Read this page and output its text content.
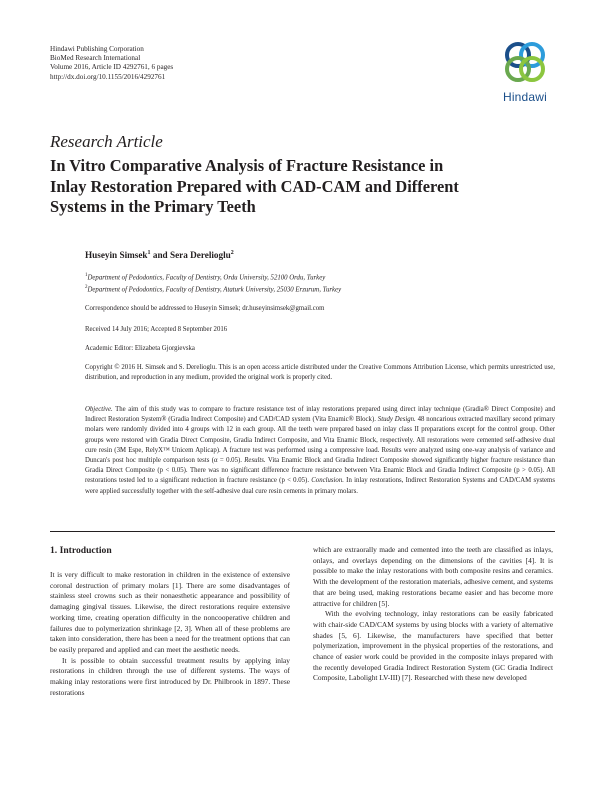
Hindawi Publishing Corporation
BioMed Research International
Volume 2016, Article ID 4292761, 6 pages
http://dx.doi.org/10.1155/2016/4292761
Hindawi
Research Article
In Vitro Comparative Analysis of Fracture Resistance in
Inlay Restoration Prepared with CAD-CAM and Different
Systems in the Primary Teeth
Huseyin Simsek$^1$ and Sera Derelioglu$^2$
$^1$Department of Pedodontics, Faculty of Dentistry, Ordu University, 52100 Ordu, Turkey
$^2$Department of Pedodontics, Faculty of Dentistry, Ataturk University, 25030 Erzurum, Turkey
Correspondence should be addressed to Huseyin Simsek; dr.huseyinsimsek@gmail.com
Received 14 July 2016; Accepted 8 September 2016
Academic Editor: Elizabeta Gjorgievska
Copyright © 2016 H. Simsek and S. Derelioglu. This is an open access article distributed under the Creative Commons Attribution License, which permits unrestricted use, distribution, and reproduction in any medium, provided the original work is properly cited.
Objective. The aim of this study was to compare to fracture resistance test of inlay restorations prepared using direct inlay technique (Gradia® Direct Composite) and Indirect Restoration System® (Gradia Indirect Composite) and CAD/CAD system (Vita Enamic® Block). Study Design. 48 noncarious extracted maxillary second primary molars were randomly divided into 4 groups with 12 in each group. All the teeth were prepared based on inlay class II preparations except for the control group. Other groups were restored with Gradia Direct Composite, Gradia Indirect Composite, and Vita Enamic Block, respectively. All restorations were cemented self-adhesive dual cure resin (3M Espe, RelyX™ Unicem Aplicap). A fracture test was performed using a compressive load. Results were analyzed using one-way analysis of variance and Duncan's post hoc multiple comparison tests (α = 0.05). Results. Vita Enamic Block and Gradia Indirect Composite showed significantly higher fracture resistance than Gradia Direct Composite (p < 0.05). There was no significant difference fracture resistance between Vita Enamic Block and Gradia Indirect Composite (p > 0.05). All restorations tested led to a significant reduction in fracture resistance (p < 0.05). Conclusion. In inlay restorations, Indirect Restoration Systems and CAD/CAM systems were applied successfully together with the self-adhesive dual cure resin cements in primary molars.
1. Introduction

It is very difficult to make restoration in children in the existence of extensive coronal destruction of primary molars [1]. There are some disadvantages of stainless steel crowns such as their nonaesthetic appearance and possibility of damaging gingival tissues. Likewise, the direct restorations require extensive working time, creating operation difficulty in the noncooperative children and failures due to polymerization shrinkage [2, 3]. When all of these problems are taken into consideration, there has been a need for the treatment options that can be easily prepared and applied and can meet the aesthetic needs.

It is possible to obtain successful treatment results by applying inlay restorations in children through the use of different systems. The ways of making inlay restorations were first introduced by Dr. Philbrook in 1897. These restorations

which are extraorally made and cemented into the teeth are classified as inlays, onlays, and overlays depending on the dimensions of the cavities [4]. It is possible to make the inlay restorations with both composite resins and ceramics. With the development of the restoration materials, adhesive cement, and systems that are being used, making restorations became easier and has become more attractive for children [5].

With the evolving technology, inlay restorations can be easily fabricated with chair-side CAD/CAM systems by using blocks with a variety of alternative shades [5, 6]. Likewise, the manufacturers have specified that better polymerization, improvement in the physical properties of the restorations, and chance of easier work could be provided in the composite inlays prepared with the recently developed Gradia Indirect Restoration System (GC Gradia Indirect Composite, Labolight LV-III) [7]. Researched with these new developed
